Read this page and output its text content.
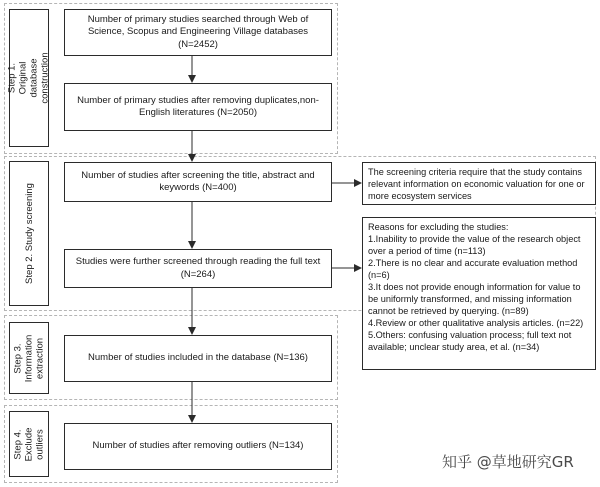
Step 1. Original database construction
Step 2. Study screening
Step 3. Information extraction
Step 4. Exclude outliers
Number of primary studies searched through Web of Science, Scopus and Engineering Village databases (N=2452)
Number of primary studies after removing duplicates,non-English literatures (N=2050)
Number of studies after screening the title, abstract and keywords (N=400)
Studies were further screened through reading the full text (N=264)
Number of studies included in the database (N=136)
Number of studies after removing outliers (N=134)
The screening criteria require that the study contains relevant information on economic valuation for one or more ecosystem services
Reasons for excluding the studies:
1.Inability to provide the value of the research object over a period of time (n=113)
2.There is no clear and accurate evaluation method (n=6)
3.It does not provide enough information for value to be uniformly transformed, and missing information cannot be retrieved by querying. (n=89)
4.Review or other qualitative analysis articles. (n=22)
5.Others: confusing valuation process; full text not available; unclear study area, et al. (n=34)
知乎 @草地研究GR
